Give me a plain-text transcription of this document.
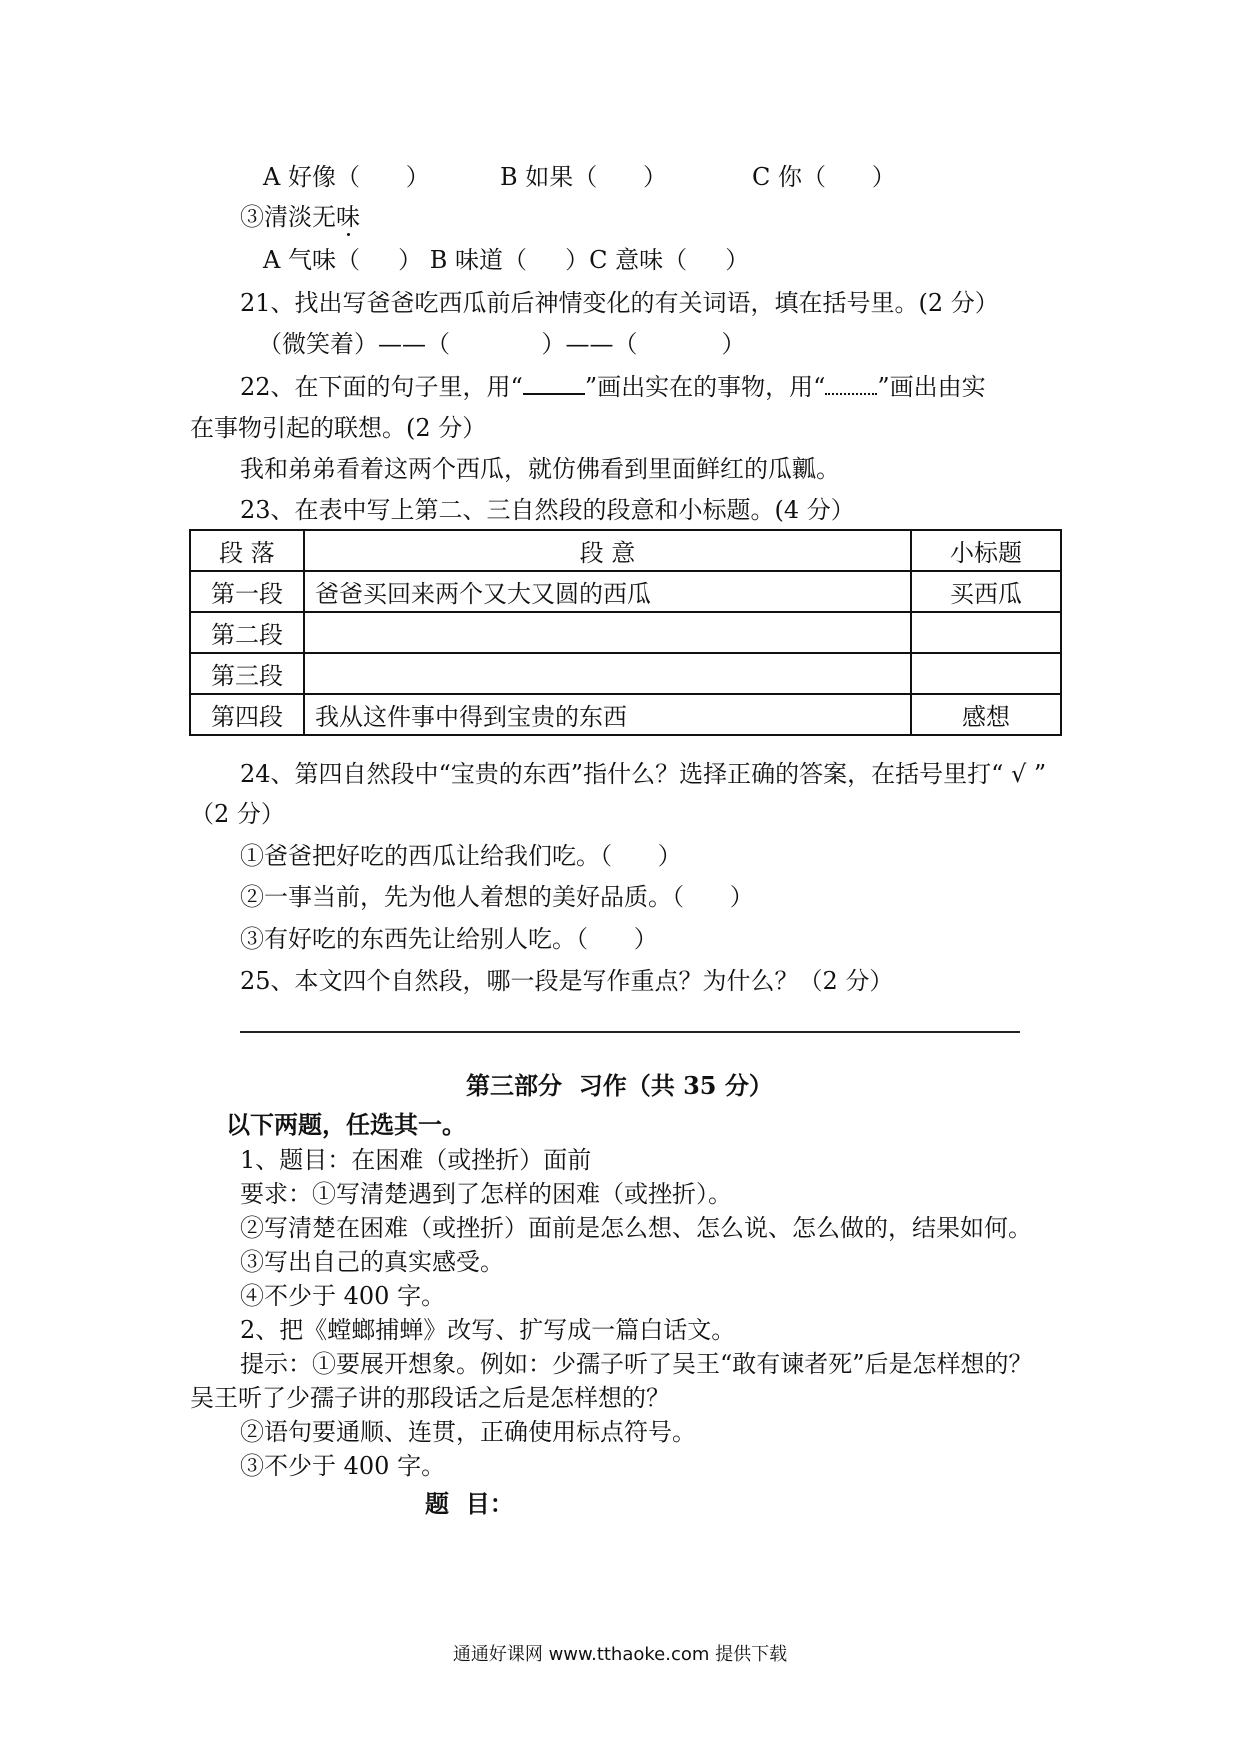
A 好像（      ）	B 如果（      ）	C 你（      ）
③清淡无味
A 气味（     ） B 味道（     ）C 意味（     ）
21、找出写爸爸吃西瓜前后神情变化的有关词语，填在括号里。(2 分）
（微笑着）——（            ）——（           ）
22、在下面的句子里，用“	”画出实在的事物，用“ ”画出由实
在事物引起的联想。(2 分）
我和弟弟看着这两个西瓜，就仿佛看到里面鲜红的瓜瓤。
23、在表中写上第二、三自然段的段意和小标题。(4 分）
段 落	段 意	小标题
第一段	爸爸买回来两个又大又圆的西瓜	买西瓜
第二段		
第三段		
第四段	我从这件事中得到宝贵的东西	感想
24、第四自然段中“宝贵的东西”指什么？选择正确的答案，在括号里打“ √ ”
（2 分）
①爸爸把好吃的西瓜让给我们吃。（      ）
②一事当前，先为他人着想的美好品质。（      ）
③有好吃的东西先让给别人吃。（      ）
25、本文四个自然段，哪一段是写作重点？为什么？（2 分）
第三部分  习作（共 35 分）
以下两题，任选其一。
1、题目：在困难（或挫折）面前
要求：①写清楚遇到了怎样的困难（或挫折）。
②写清楚在困难（或挫折）面前是怎么想、怎么说、怎么做的，结果如何。
③写出自己的真实感受。
④不少于 400 字。
2、把《螳螂捕蝉》改写、扩写成一篇白话文。
提示：①要展开想象。例如：少孺子听了吴王“敢有谏者死”后是怎样想的？
吴王听了少孺子讲的那段话之后是怎样想的？
②语句要通顺、连贯，正确使用标点符号。
③不少于 400 字。
题  目：
通通好课网 www.tthaoke.com 提供下载
